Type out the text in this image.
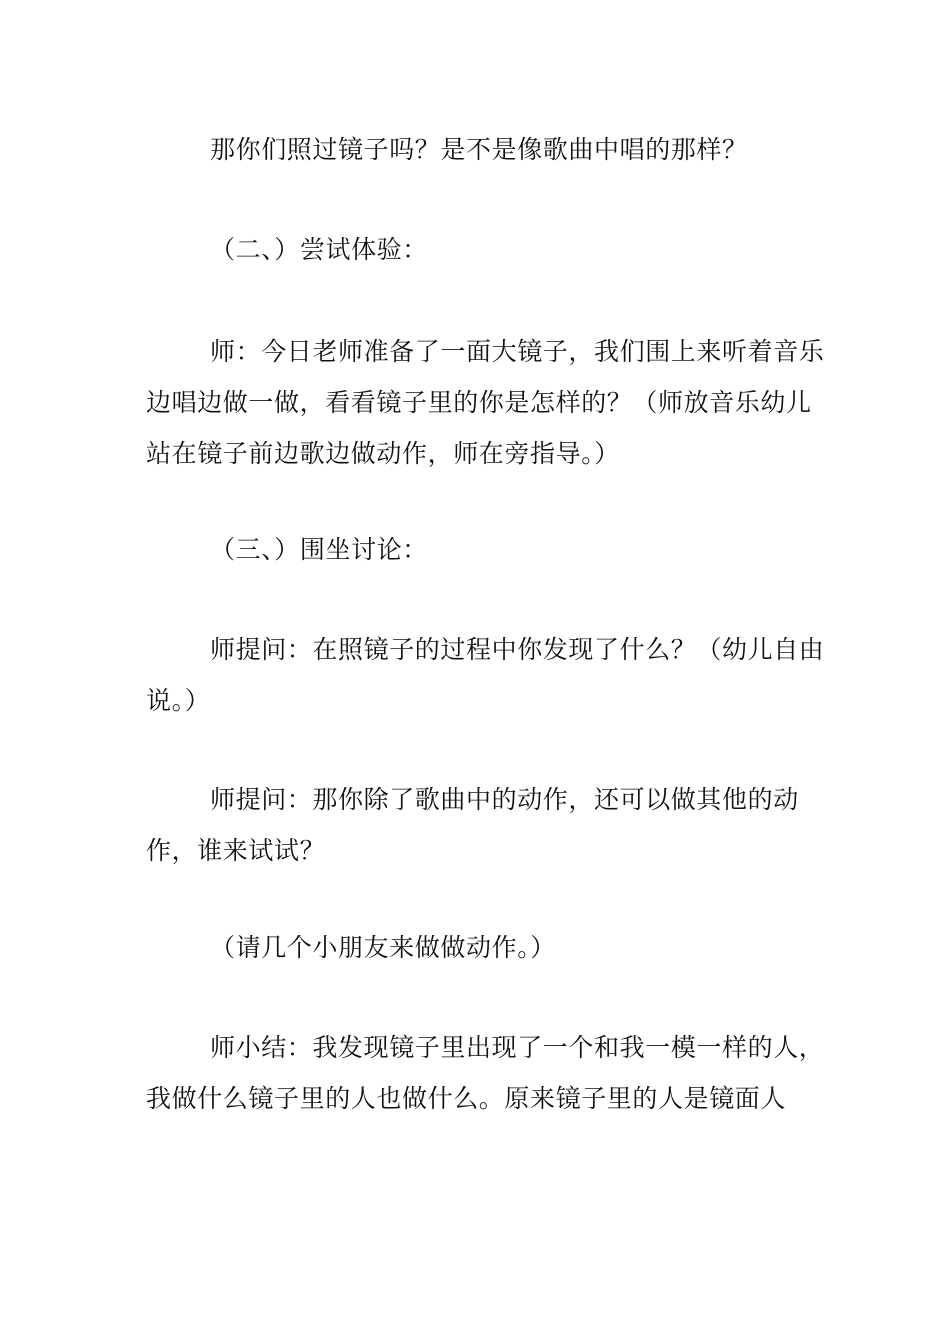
那你们照过镜子吗？是不是像歌曲中唱的那样？

（二、）尝试体验：

师：今日老师准备了一面大镜子，我们围上来听着音乐边唱边做一做，看看镜子里的你是怎样的？（师放音乐幼儿站在镜子前边歌边做动作，师在旁指导。）

（三、）围坐讨论：

师提问：在照镜子的过程中你发现了什么？（幼儿自由说。）

师提问：那你除了歌曲中的动作，还可以做其他的动作，谁来试试？

（请几个小朋友来做做动作。）

师小结：我发现镜子里出现了一个和我一模一样的人，我做什么镜子里的人也做什么。原来镜子里的人是镜面人
